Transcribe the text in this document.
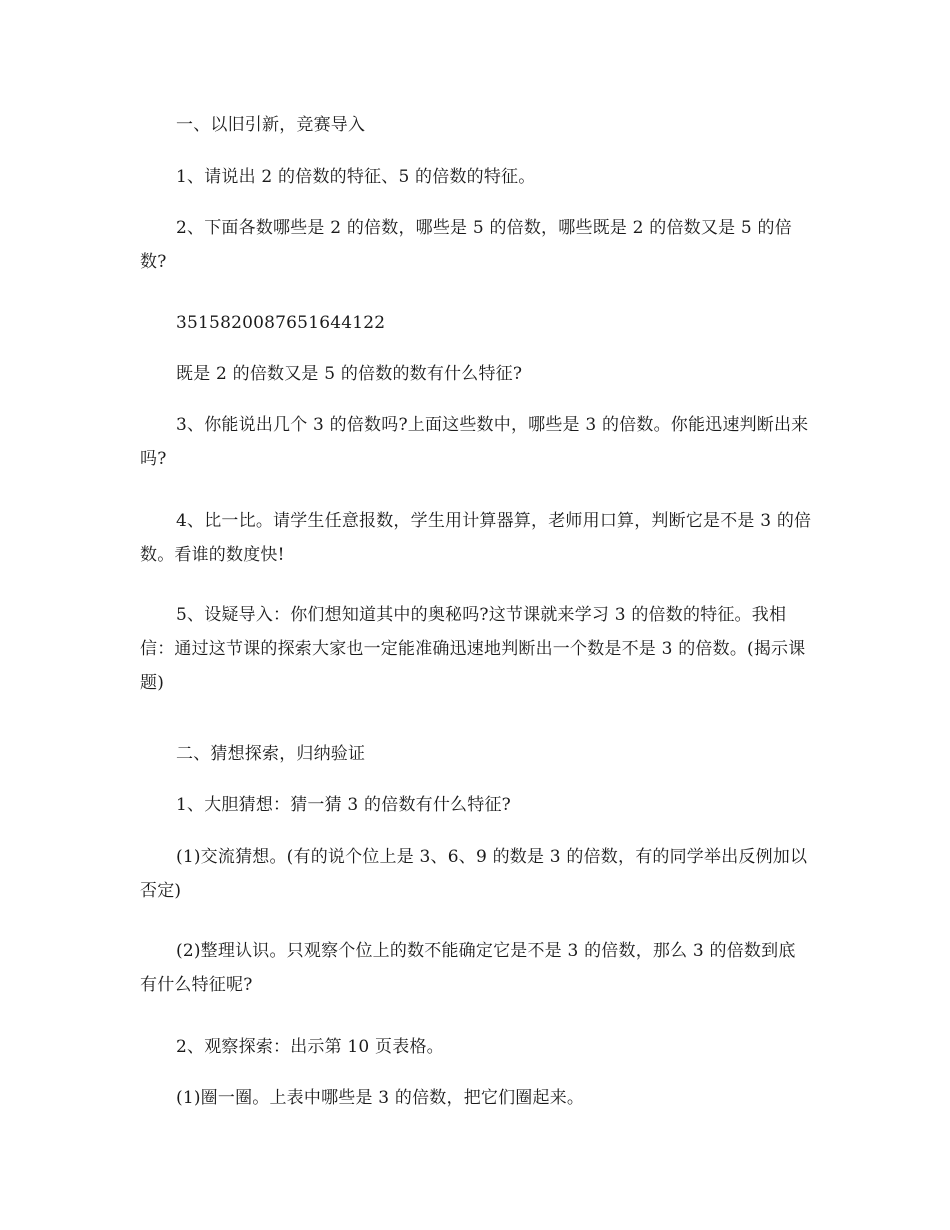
一、以旧引新，竞赛导入

1、请说出 2 的倍数的特征、5 的倍数的特征。

2、下面各数哪些是 2 的倍数，哪些是 5 的倍数，哪些既是 2 的倍数又是 5 的倍数?

3515820087651644122

既是 2 的倍数又是 5 的倍数的数有什么特征?

3、你能说出几个 3 的倍数吗?上面这些数中，哪些是 3 的倍数。你能迅速判断出来吗?

4、比一比。请学生任意报数，学生用计算器算，老师用口算，判断它是不是 3 的倍数。看谁的数度快!

5、设疑导入：你们想知道其中的奥秘吗?这节课就来学习 3 的倍数的特征。我相信：通过这节课的探索大家也一定能准确迅速地判断出一个数是不是 3 的倍数。(揭示课题)

二、猜想探索，归纳验证

1、大胆猜想：猜一猜 3 的倍数有什么特征?

(1)交流猜想。(有的说个位上是 3、6、9 的数是 3 的倍数，有的同学举出反例加以否定)

(2)整理认识。只观察个位上的数不能确定它是不是 3 的倍数，那么 3 的倍数到底有什么特征呢?

2、观察探索：出示第 10 页表格。

(1)圈一圈。上表中哪些是 3 的倍数，把它们圈起来。
